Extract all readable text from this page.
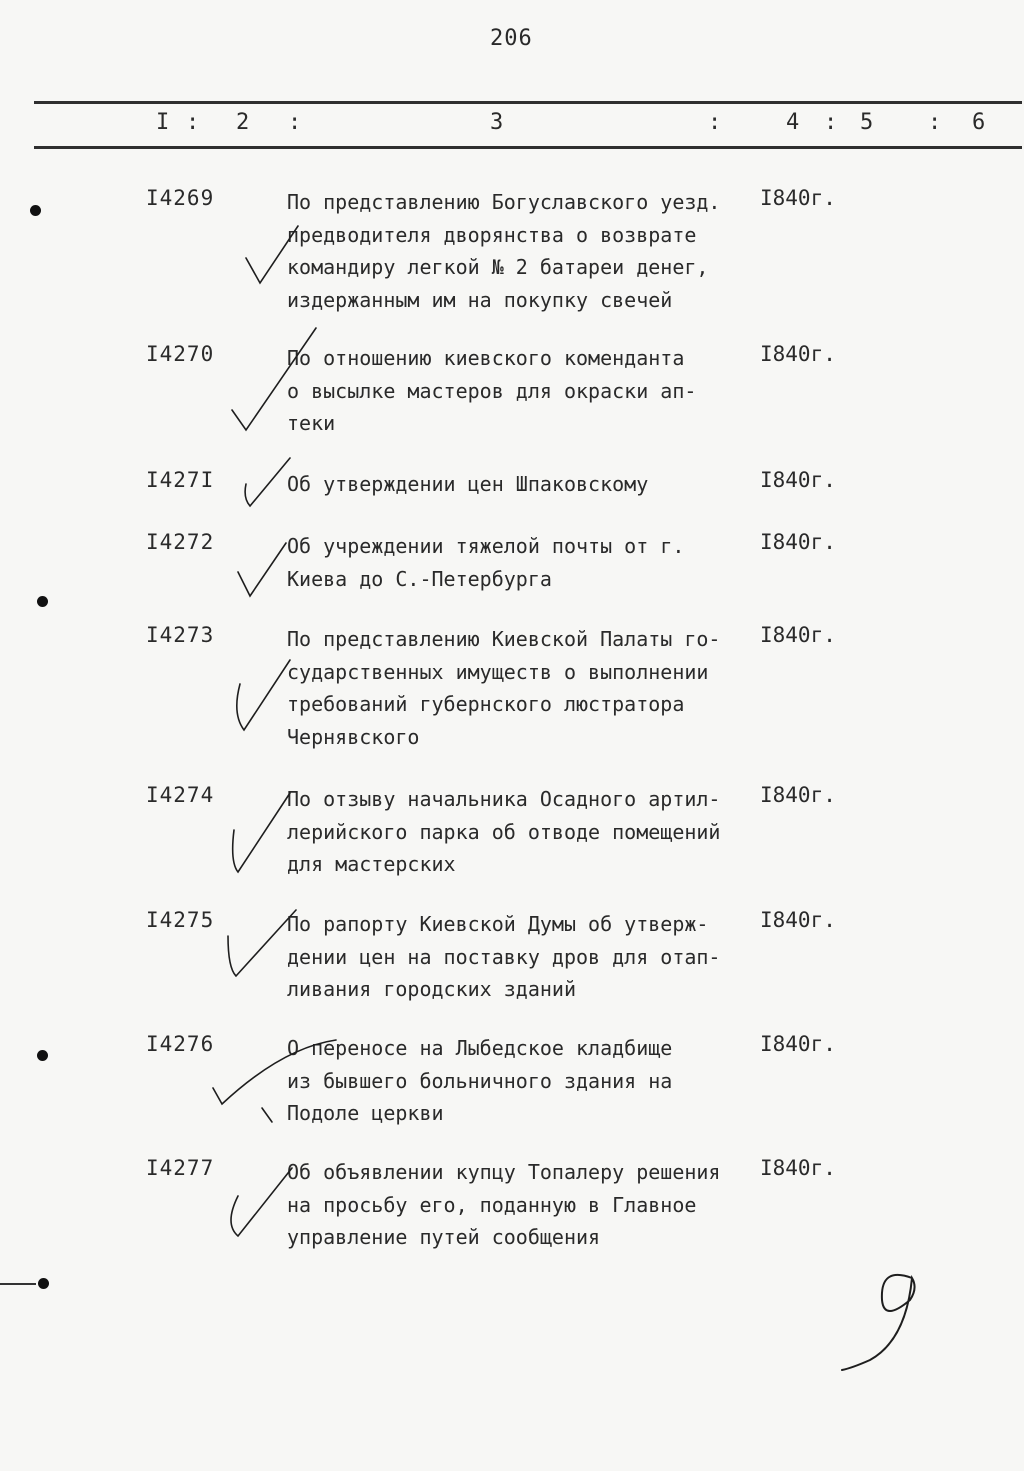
206
I : 2 :	3	:	4 : 5 : 6
I4269	По представлению Богуславского уезд.
предводителя дворянства о возврате
командиру легкой № 2 батареи денег,
издержанным им на покупку свечей
I840г.
I4270	По отношению киевского коменданта
о высылке мастеров для окраски ап-
теки
I840г.
I427I	Об утверждении цен Шпаковскому	I840г.
I4272	Об учреждении тяжелой почты от г.
Киева до С.-Петербурга
I840г.
I4273	По представлению Киевской Палаты го-
сударственных имуществ о выполнении
требований губернского люстратора
Чернявского
I840г.
I4274	По отзыву начальника Осадного артил-
лерийского парка об отводе помещений
для мастерских
I840г.
I4275	По рапорту Киевской Думы об утверж-
дении цен на поставку дров для отап-
ливания городских зданий
I840г.
I4276	О переносе на Лыбедское кладбище
из бывшего больничного здания на
Подоле церкви
I840г.
I4277	Об объявлении купцу Топалеру решения
на просьбу его, поданную в Главное
управление путей сообщения
I840г.
